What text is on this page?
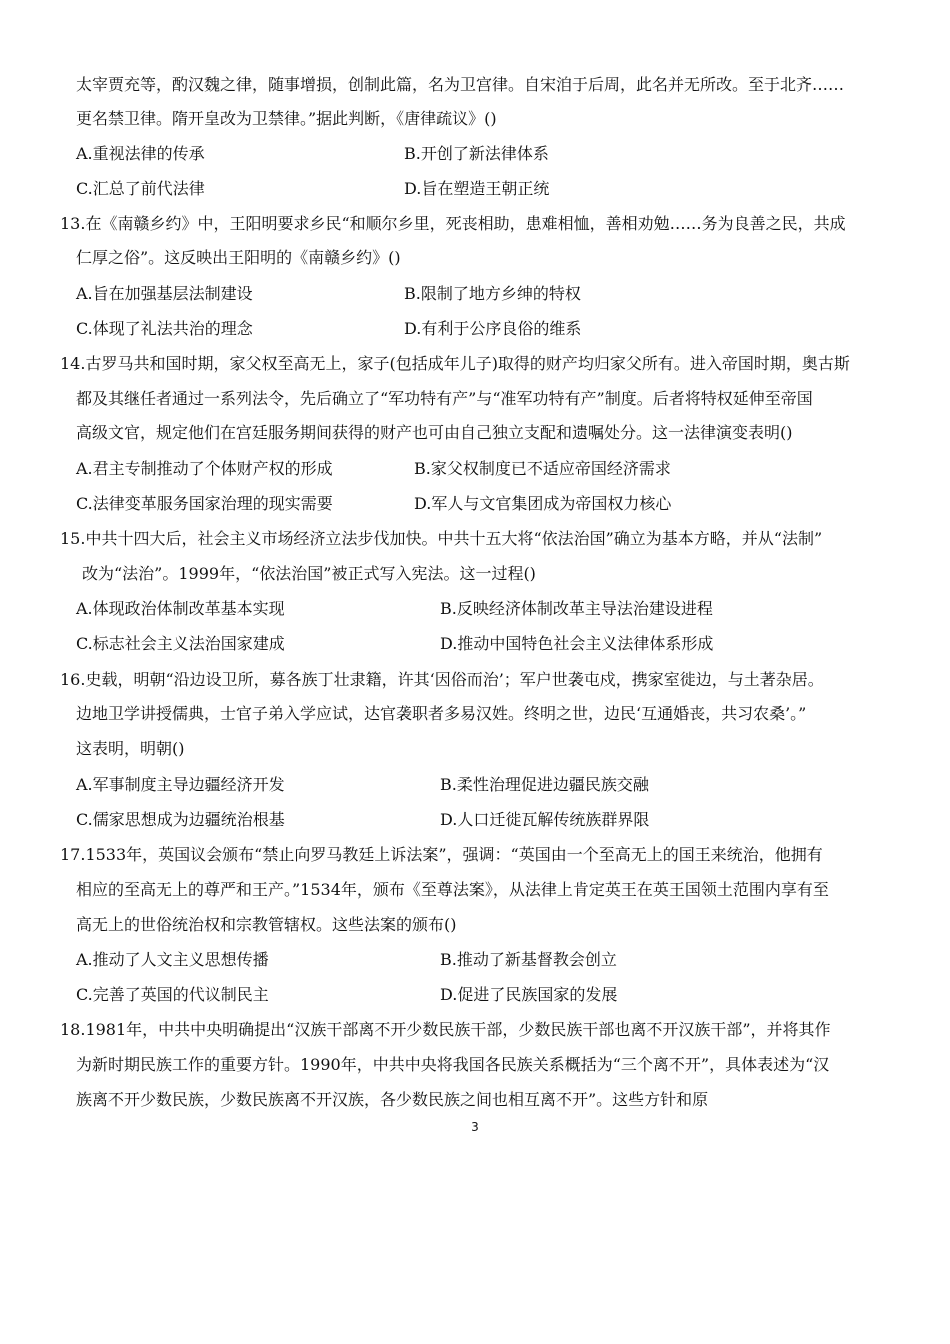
太宰贾充等，酌汉魏之律，随事增损，创制此篇，名为卫宫律。自宋洎于后周，此名并无所改。至于北齐……
更名禁卫律。隋开皇改为卫禁律。”据此判断，《唐律疏议》()
A.重视法律的传承	B.开创了新法律体系
C.汇总了前代法律	D.旨在塑造王朝正统
13.在《南赣乡约》中，王阳明要求乡民“和顺尔乡里，死丧相助，患难相恤，善相劝勉……务为良善之民，共成
仁厚之俗”。这反映出王阳明的《南赣乡约》()
A.旨在加强基层法制建设	B.限制了地方乡绅的特权
C.体现了礼法共治的理念	D.有利于公序良俗的维系
14.古罗马共和国时期，家父权至高无上，家子(包括成年儿子)取得的财产均归家父所有。进入帝国时期，奥古斯
都及其继任者通过一系列法令，先后确立了“军功特有产”与“准军功特有产”制度。后者将特权延伸至帝国
高级文官，规定他们在宫廷服务期间获得的财产也可由自己独立支配和遗嘱处分。这一法律演变表明()
A.君主专制推动了个体财产权的形成	B.家父权制度已不适应帝国经济需求
C.法律变革服务国家治理的现实需要	D.军人与文官集团成为帝国权力核心
15.中共十四大后，社会主义市场经济立法步伐加快。中共十五大将“依法治国”确立为基本方略，并从“法制”
改为“法治”。1999年，“依法治国”被正式写入宪法。这一过程()
A.体现政治体制改革基本实现	B.反映经济体制改革主导法治建设进程
C.标志社会主义法治国家建成	D.推动中国特色社会主义法律体系形成
16.史载，明朝“沿边设卫所，募各族丁壮隶籍，许其‘因俗而治’；军户世袭屯戍，携家室徙边，与土著杂居。
边地卫学讲授儒典，士官子弟入学应试，达官袭职者多易汉姓。终明之世，边民‘互通婚丧，共习农桑’。”
这表明，明朝()
A.军事制度主导边疆经济开发	B.柔性治理促进边疆民族交融
C.儒家思想成为边疆统治根基	D.人口迁徙瓦解传统族群界限
17.1533年，英国议会颁布“禁止向罗马教廷上诉法案”，强调：“英国由一个至高无上的国王来统治，他拥有
相应的至高无上的尊严和王产。”1534年，颁布《至尊法案》，从法律上肯定英王在英王国领土范围内享有至
高无上的世俗统治权和宗教管辖权。这些法案的颁布()
A.推动了人文主义思想传播	B.推动了新基督教会创立
C.完善了英国的代议制民主	D.促进了民族国家的发展
18.1981年，中共中央明确提出“汉族干部离不开少数民族干部，少数民族干部也离不开汉族干部”，并将其作
为新时期民族工作的重要方针。1990年，中共中央将我国各民族关系概括为“三个离不开”，具体表述为“汉
族离不开少数民族，少数民族离不开汉族，各少数民族之间也相互离不开”。这些方针和原
3
